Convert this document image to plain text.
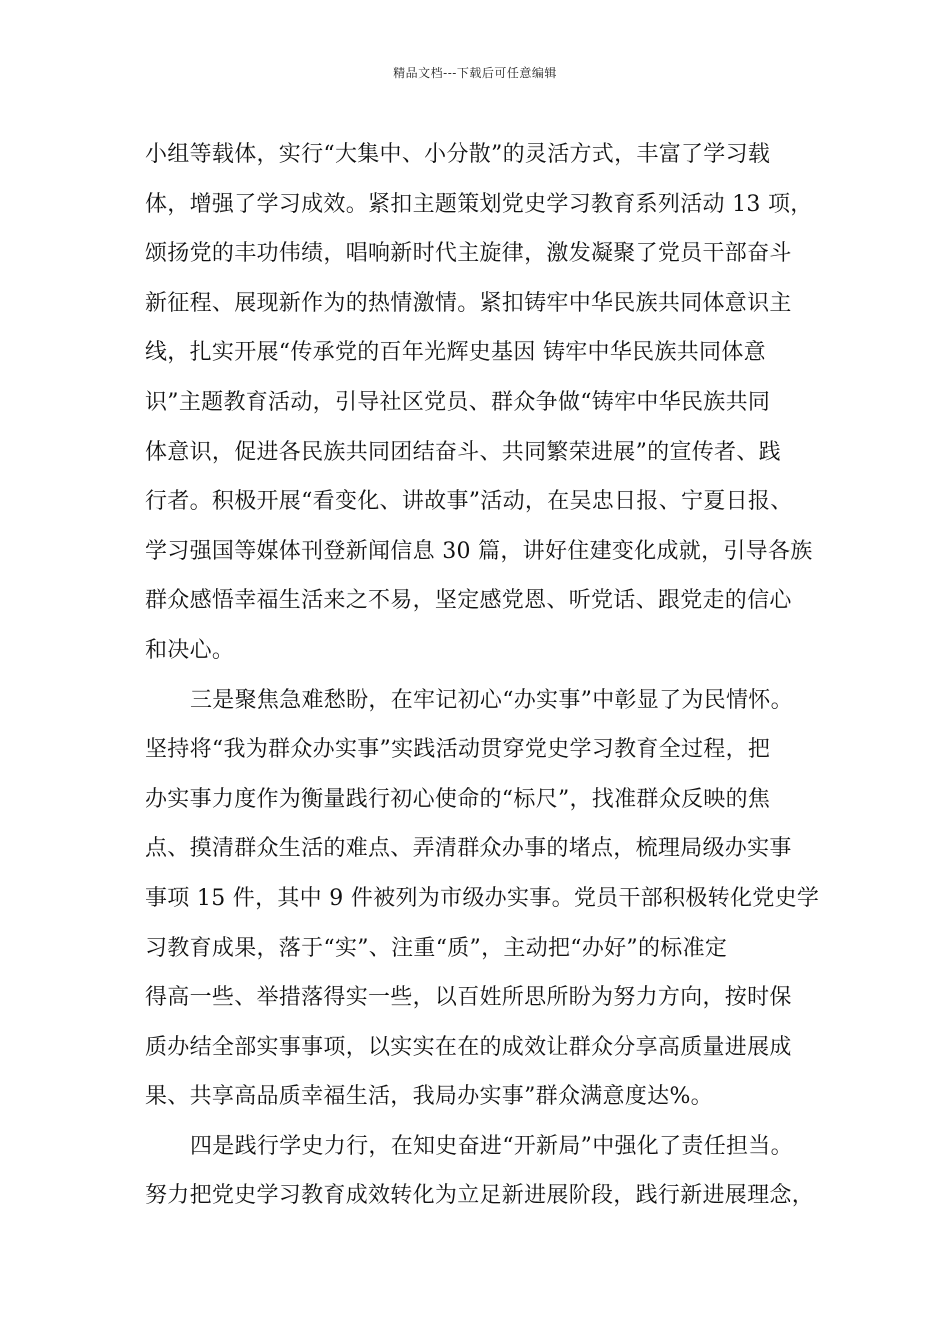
精品文档---下载后可任意编辑
小组等载体，实行“大集中、小分散”的灵活方式，丰富了学习载
体，增强了学习成效。紧扣主题策划党史学习教育系列活动 13 项，
颂扬党的丰功伟绩，唱响新时代主旋律，激发凝聚了党员干部奋斗
新征程、展现新作为的热情激情。紧扣铸牢中华民族共同体意识主
线，扎实开展“传承党的百年光辉史基因 铸牢中华民族共同体意
识”主题教育活动，引导社区党员、群众争做“铸牢中华民族共同
体意识，促进各民族共同团结奋斗、共同繁荣进展”的宣传者、践
行者。积极开展“看变化、讲故事”活动，在吴忠日报、宁夏日报、
学习强国等媒体刊登新闻信息 30 篇，讲好住建变化成就，引导各族
群众感悟幸福生活来之不易，坚定感党恩、听党话、跟党走的信心
和决心。
三是聚焦急难愁盼，在牢记初心“办实事”中彰显了为民情怀。
坚持将“我为群众办实事”实践活动贯穿党史学习教育全过程，把
办实事力度作为衡量践行初心使命的“标尺”，找准群众反映的焦
点、摸清群众生活的难点、弄清群众办事的堵点，梳理局级办实事
事项 15 件，其中 9 件被列为市级办实事。党员干部积极转化党史学
习教育成果，落于“实”、注重“质”，主动把“办好”的标准定
得高一些、举措落得实一些，以百姓所思所盼为努力方向，按时保
质办结全部实事事项，以实实在在的成效让群众分享高质量进展成
果、共享高品质幸福生活，我局办实事”群众满意度达%。
四是践行学史力行，在知史奋进“开新局”中强化了责任担当。
努力把党史学习教育成效转化为立足新进展阶段，践行新进展理念，
